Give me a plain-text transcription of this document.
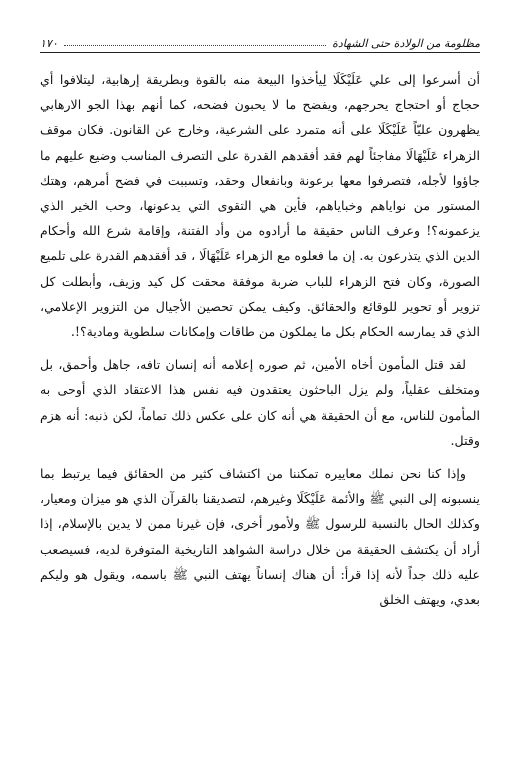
مظلومة من الولادة حتى الشهادة
١٧٠

أن أسرعوا إلى علي عَلَيْكَلَا لِيأخذوا البيعة منه بالقوة وبطريقة إرهابية، ليتلافوا أي حجاج أو احتجاج يحرجهم، ويفضح ما لا يحبون فضحه، كما أنهم بهذا الجو الارهابي يظهرون عليّاً عَلَيْكَلَا على أنه متمرد على الشرعية، وخارج عن القانون. فكان موقف الزهراء عَلَيْهَالَا مفاجئاً لهم فقد أفقدهم القدرة على التصرف المناسب وضيع عليهم ما جاؤوا لأجله، فتصرفوا معها برعونة وبانفعال وحقد، وتسببت في فضح أمرهم، وهتك المستور من نواياهم وخباياهم، فأين هي التقوى التي يدعونها، وحب الخير الذي يزعمونه؟! وعرف الناس حقيقة ما أرادوه من وأد الفتنة، وإقامة شرع الله وأحكام الدين الذي يتذرعون به. إن ما فعلوه مع الزهراء عَلَيْهَالَا ، قد أفقدهم القدرة على تلميع الصورة، وكان فتح الزهراء للباب ضربة موفقة محقت كل كيد وزيف، وأبطلت كل تزوير أو تحوير للوقائع والحقائق. وكيف يمكن تحصين الأجيال من التزوير الإعلامي، الذي قد يمارسه الحكام بكل ما يملكون من طاقات وإمكانات سلطوية ومادية؟!.

لقد قتل المأمون أخاه الأمين، ثم صوره إعلامه أنه إنسان تافه، جاهل وأحمق، بل ومتخلف عقلياً، ولم يزل الباحثون يعتقدون فيه نفس هذا الاعتقاد الذي أوحى به المأمون للناس، مع أن الحقيقة هي أنه كان على عكس ذلك تماماً، لكن ذنبه: أنه هزم وقتل.

وإذا كنا نحن نملك معاييره تمكننا من اكتشاف كثير من الحقائق فيما يرتبط بما ينسبونه إلى النبي ﷺ والأئمة عَلَيْكَلَا وغيرهم، لتصديقنا بالقرآن الذي هو ميزان ومعيار، وكذلك الحال بالنسبة للرسول ﷺ ولأمور أخرى، فإن غيرنا ممن لا يدين بالإسلام، إذا أراد أن يكتشف الحقيقة من خلال دراسة الشواهد التاريخية المتوفرة لديه، فسيصعب عليه ذلك جداً لأنه إذا قرأ: أن هناك إنساناً يهتف النبي ﷺ باسمه، ويقول هو وليكم بعدي، ويهتف الخلق
